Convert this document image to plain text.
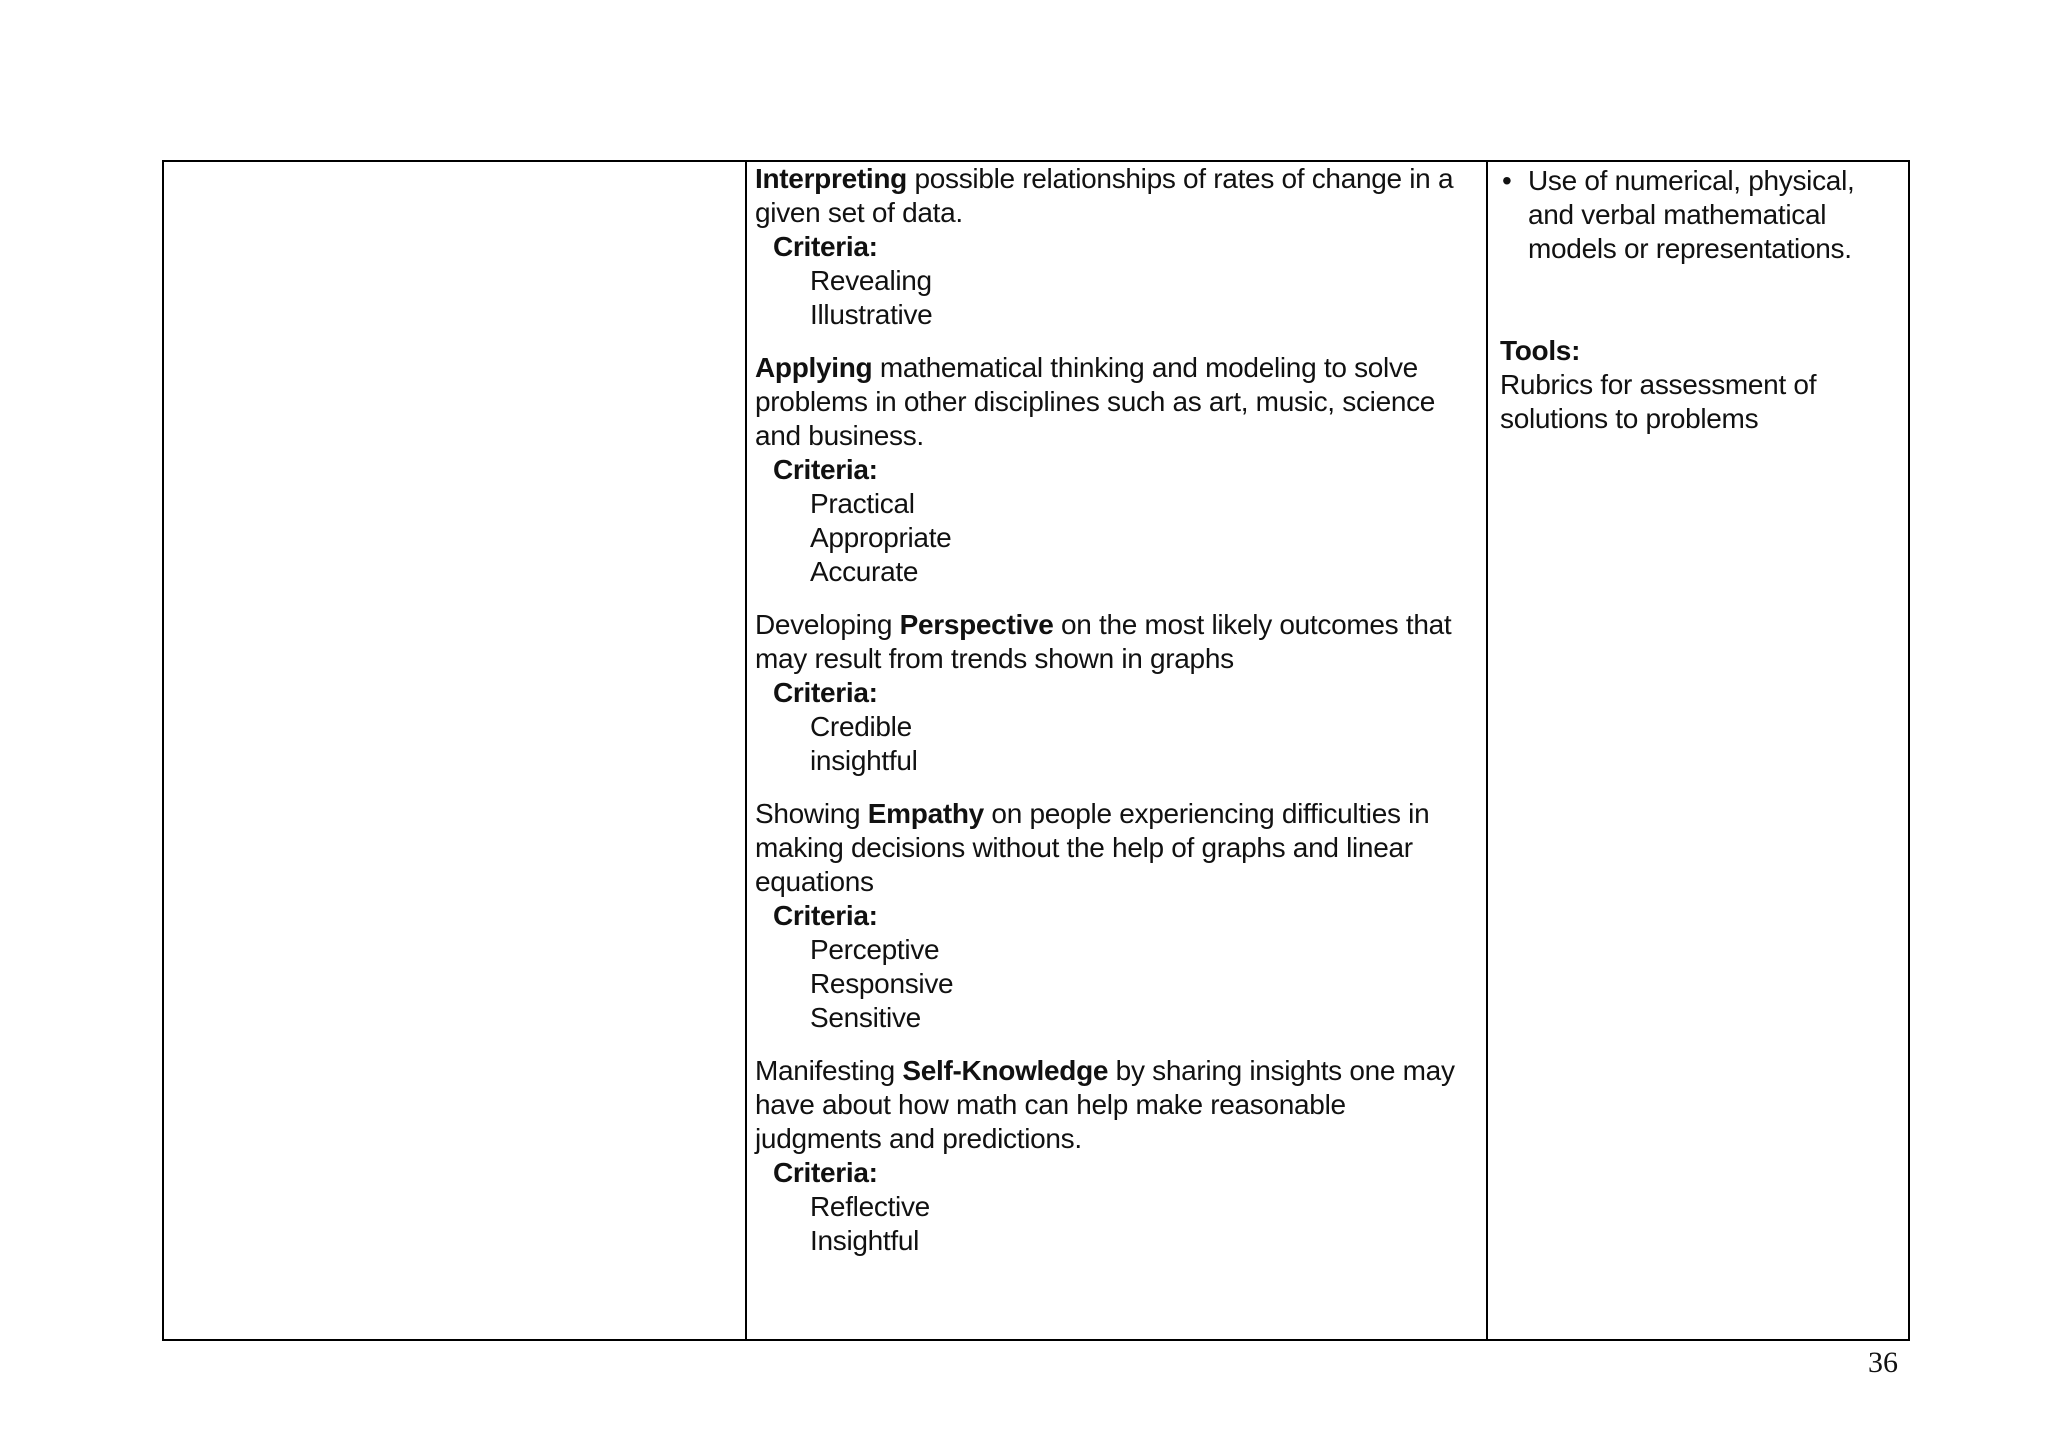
Interpreting possible relationships of rates of change in a given set of data.
Criteria:
Revealing
Illustrative
Applying mathematical thinking and modeling to solve problems in other disciplines such as art, music, science and business.
Criteria:
Practical
Appropriate
Accurate
Developing Perspective on the most likely outcomes that may result from trends shown in graphs
Criteria:
Credible
insightful
Showing Empathy on people experiencing difficulties in making decisions without the help of graphs and linear equations
Criteria:
Perceptive
Responsive
Sensitive
Manifesting Self-Knowledge by sharing insights one may have about how math can help make reasonable judgments and predictions.
Criteria:
Reflective
Insightful
• Use of numerical, physical, and verbal mathematical models or representations.
Tools:
Rubrics for assessment of solutions to problems
36
